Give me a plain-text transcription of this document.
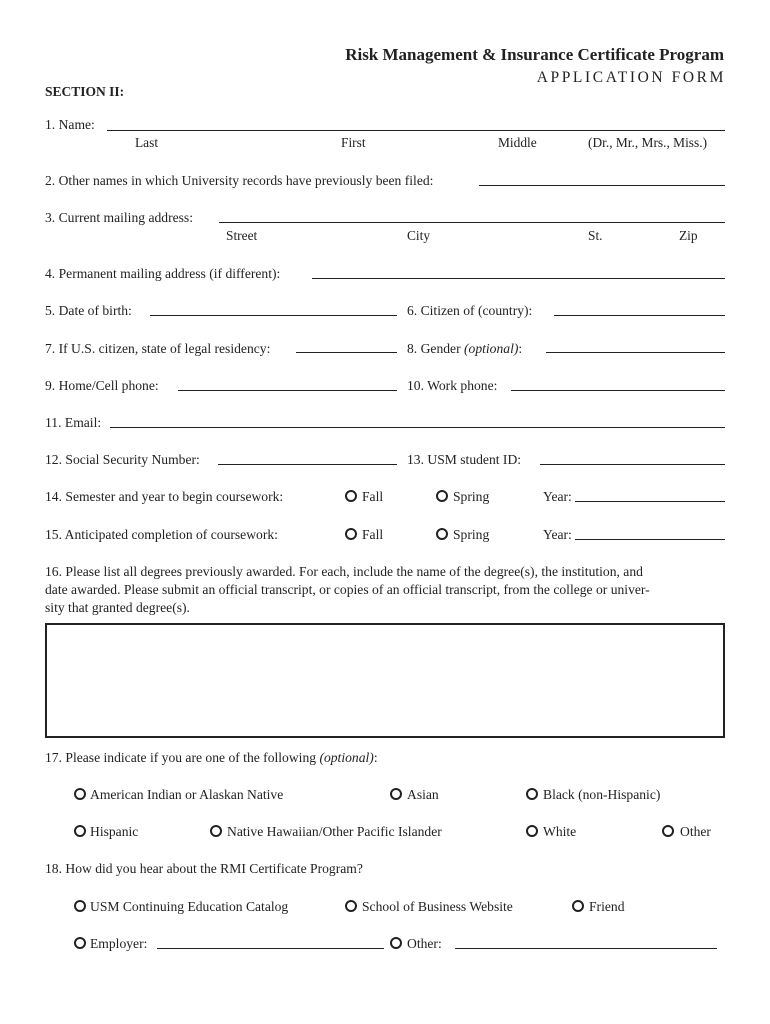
Risk Management & Insurance Certificate Program
APPLICATION FORM
SECTION II:
1. Name:
Last	First	Middle	(Dr., Mr., Mrs., Miss.)
2. Other names in which University records have previously been filed:
3. Current mailing address:
Street	City	St.	Zip
4. Permanent mailing address (if different):
5. Date of birth:	6. Citizen of (country):
7. If U.S. citizen, state of legal residency:	8. Gender (optional):
9. Home/Cell phone:	10. Work phone:
11. Email:
12. Social Security Number:	13. USM student ID:
14. Semester and year to begin coursework:	Fall	Spring	Year:
15. Anticipated completion of coursework:	Fall	Spring	Year:
16. Please list all degrees previously awarded. For each, include the name of the degree(s), the institution, and
date awarded. Please submit an official transcript, or copies of an official transcript, from the college or univer-
sity that granted degree(s).
17. Please indicate if you are one of the following (optional):
American Indian or Alaskan Native	Asian	Black (non-Hispanic)
Hispanic	Native Hawaiian/Other Pacific Islander	White	Other
18. How did you hear about the RMI Certificate Program?
USM Continuing Education Catalog	School of Business Website	Friend
Employer:	Other:
